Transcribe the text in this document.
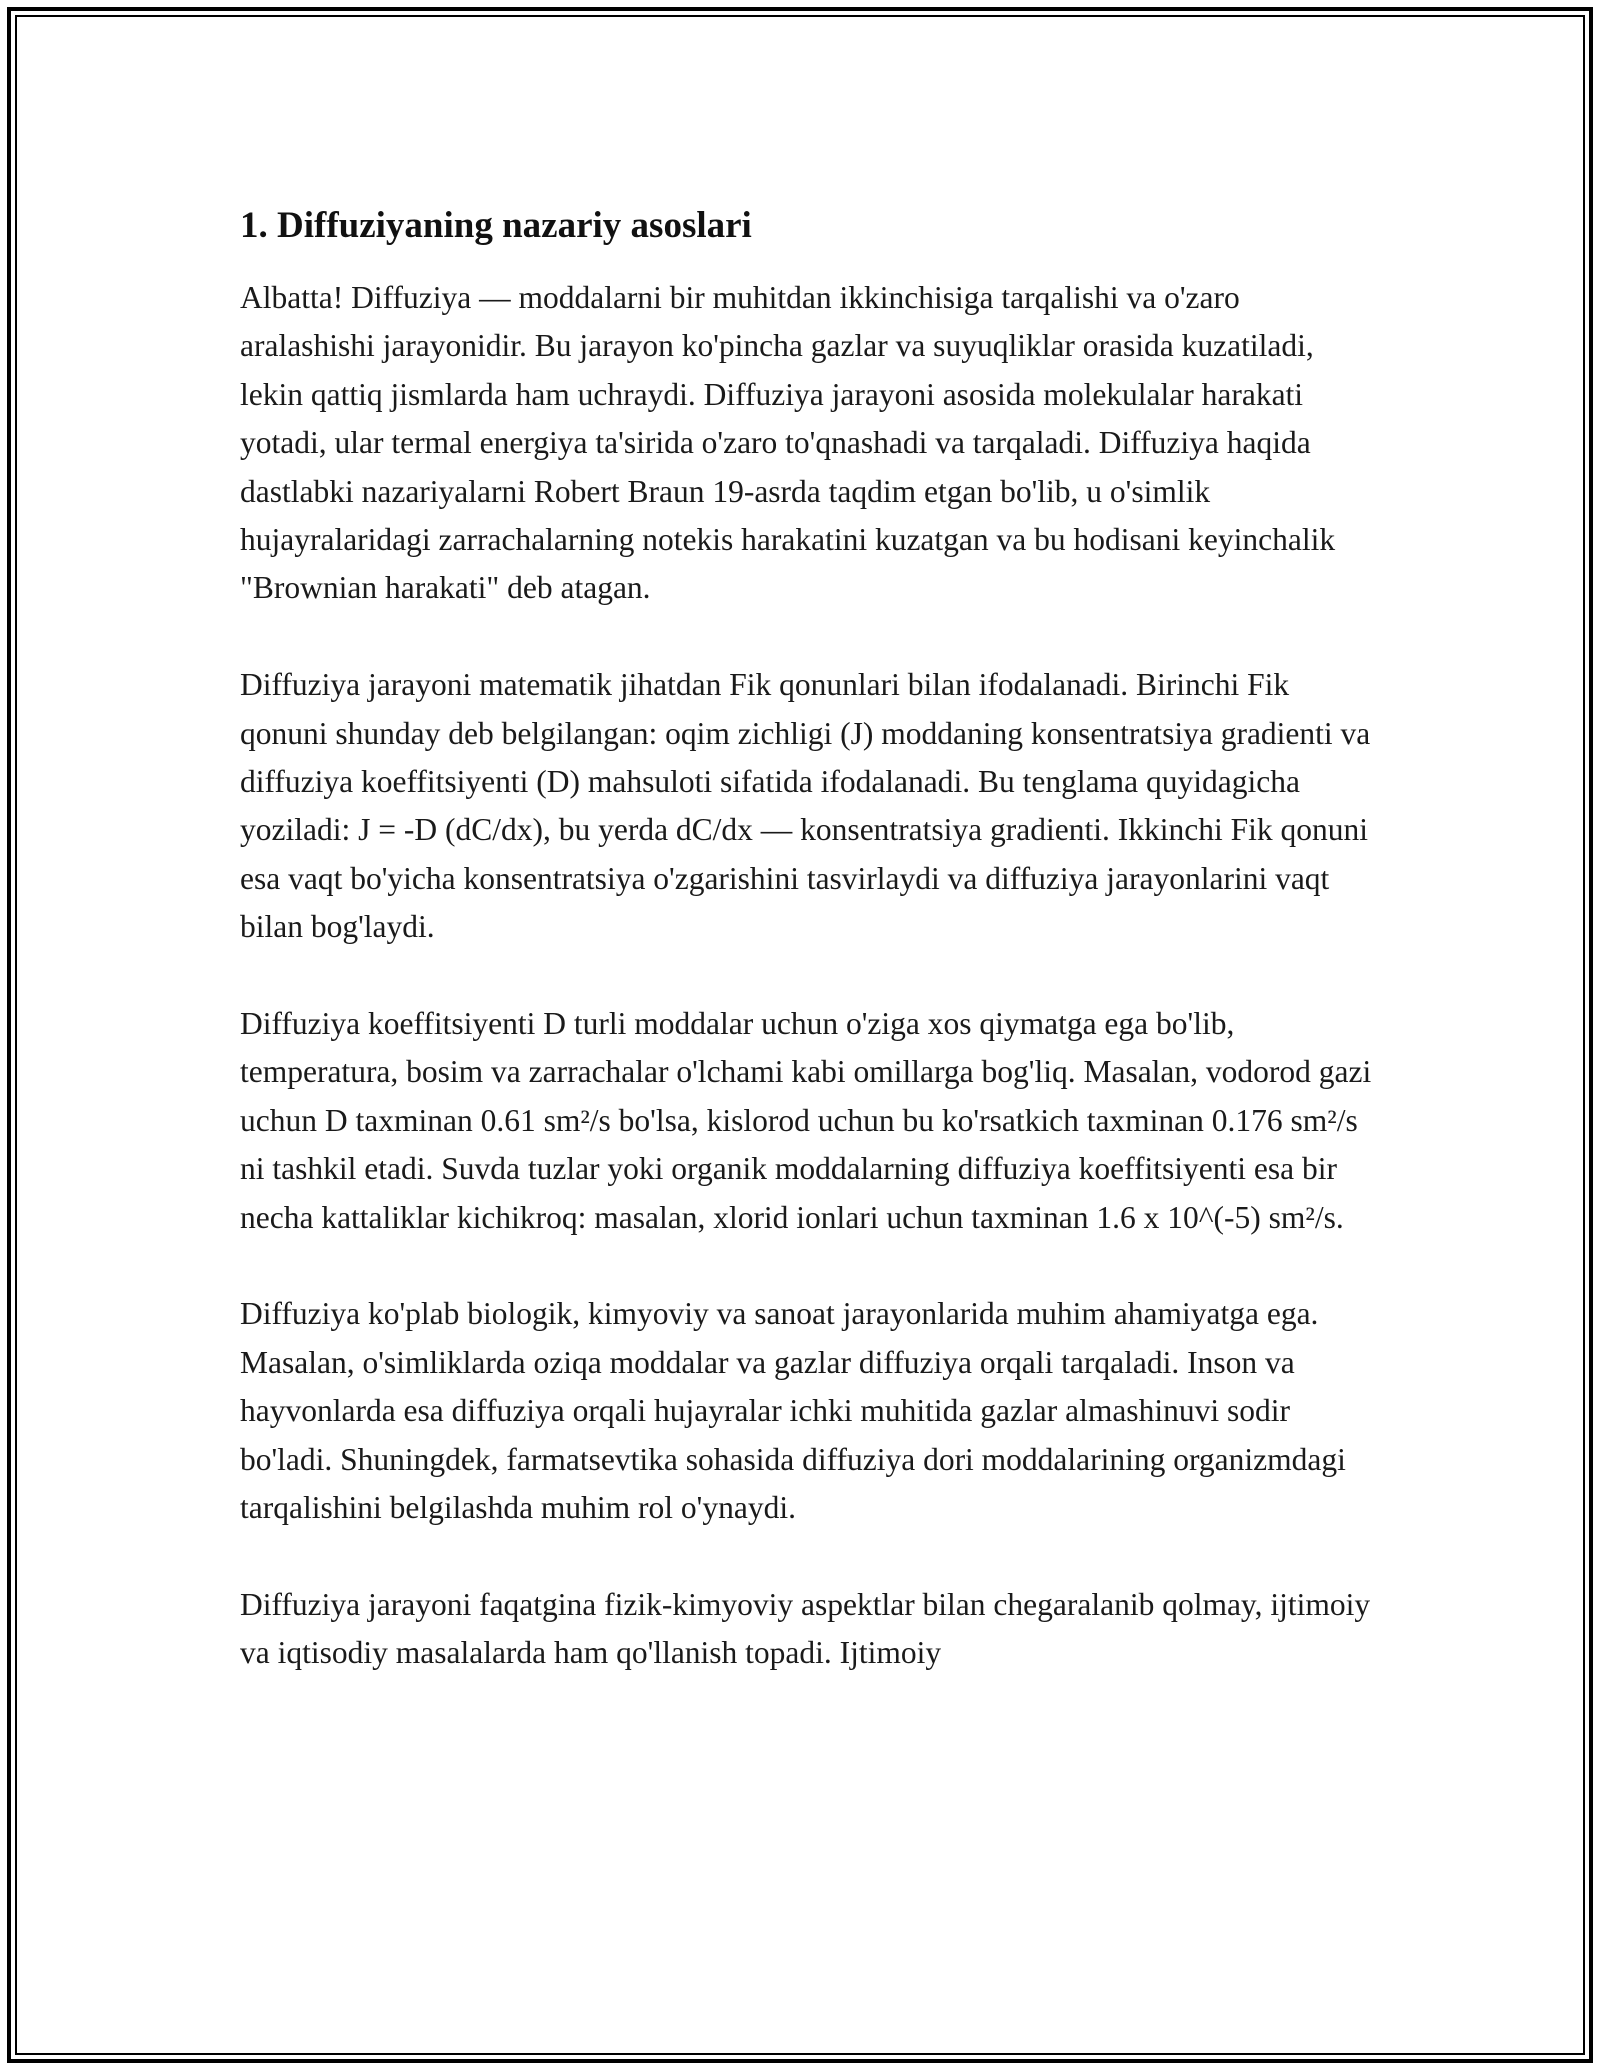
1. Diffuziyaning nazariy asoslari

Albatta! Diffuziya — moddalarni bir muhitdan ikkinchisiga tarqalishi va o'zaro aralashishi jarayonidir. Bu jarayon ko'pincha gazlar va suyuqliklar orasida kuzatiladi, lekin qattiq jismlarda ham uchraydi. Diffuziya jarayoni asosida molekulalar harakati yotadi, ular termal energiya ta'sirida o'zaro to'qnashadi va tarqaladi. Diffuziya haqida dastlabki nazariyalarni Robert Braun 19-asrda taqdim etgan bo'lib, u o'simlik hujayralaridagi zarrachalarning notekis harakatini kuzatgan va bu hodisani keyinchalik "Brownian harakati" deb atagan.

Diffuziya jarayoni matematik jihatdan Fik qonunlari bilan ifodalanadi. Birinchi Fik qonuni shunday deb belgilangan: oqim zichligi (J) moddaning konsentratsiya gradienti va diffuziya koeffitsiyenti (D) mahsuloti sifatida ifodalanadi. Bu tenglama quyidagicha yoziladi: J = -D (dC/dx), bu yerda dC/dx — konsentratsiya gradienti. Ikkinchi Fik qonuni esa vaqt bo'yicha konsentratsiya o'zgarishini tasvirlaydi va diffuziya jarayonlarini vaqt bilan bog'laydi.

Diffuziya koeffitsiyenti D turli moddalar uchun o'ziga xos qiymatga ega bo'lib, temperatura, bosim va zarrachalar o'lchami kabi omillarga bog'liq. Masalan, vodorod gazi uchun D taxminan 0.61 sm²/s bo'lsa, kislorod uchun bu ko'rsatkich taxminan 0.176 sm²/s ni tashkil etadi. Suvda tuzlar yoki organik moddalarning diffuziya koeffitsiyenti esa bir necha kattaliklar kichikroq: masalan, xlorid ionlari uchun taxminan 1.6 x 10^(-5) sm²/s.

Diffuziya ko'plab biologik, kimyoviy va sanoat jarayonlarida muhim ahamiyatga ega. Masalan, o'simliklarda oziqa moddalar va gazlar diffuziya orqali tarqaladi. Inson va hayvonlarda esa diffuziya orqali hujayralar ichki muhitida gazlar almashinuvi sodir bo'ladi. Shuningdek, farmatsevtika sohasida diffuziya dori moddalarining organizmdagi tarqalishini belgilashda muhim rol o'ynaydi.

Diffuziya jarayoni faqatgina fizik-kimyoviy aspektlar bilan chegaralanib qolmay, ijtimoiy va iqtisodiy masalalarda ham qo'llanish topadi. Ijtimoiy
